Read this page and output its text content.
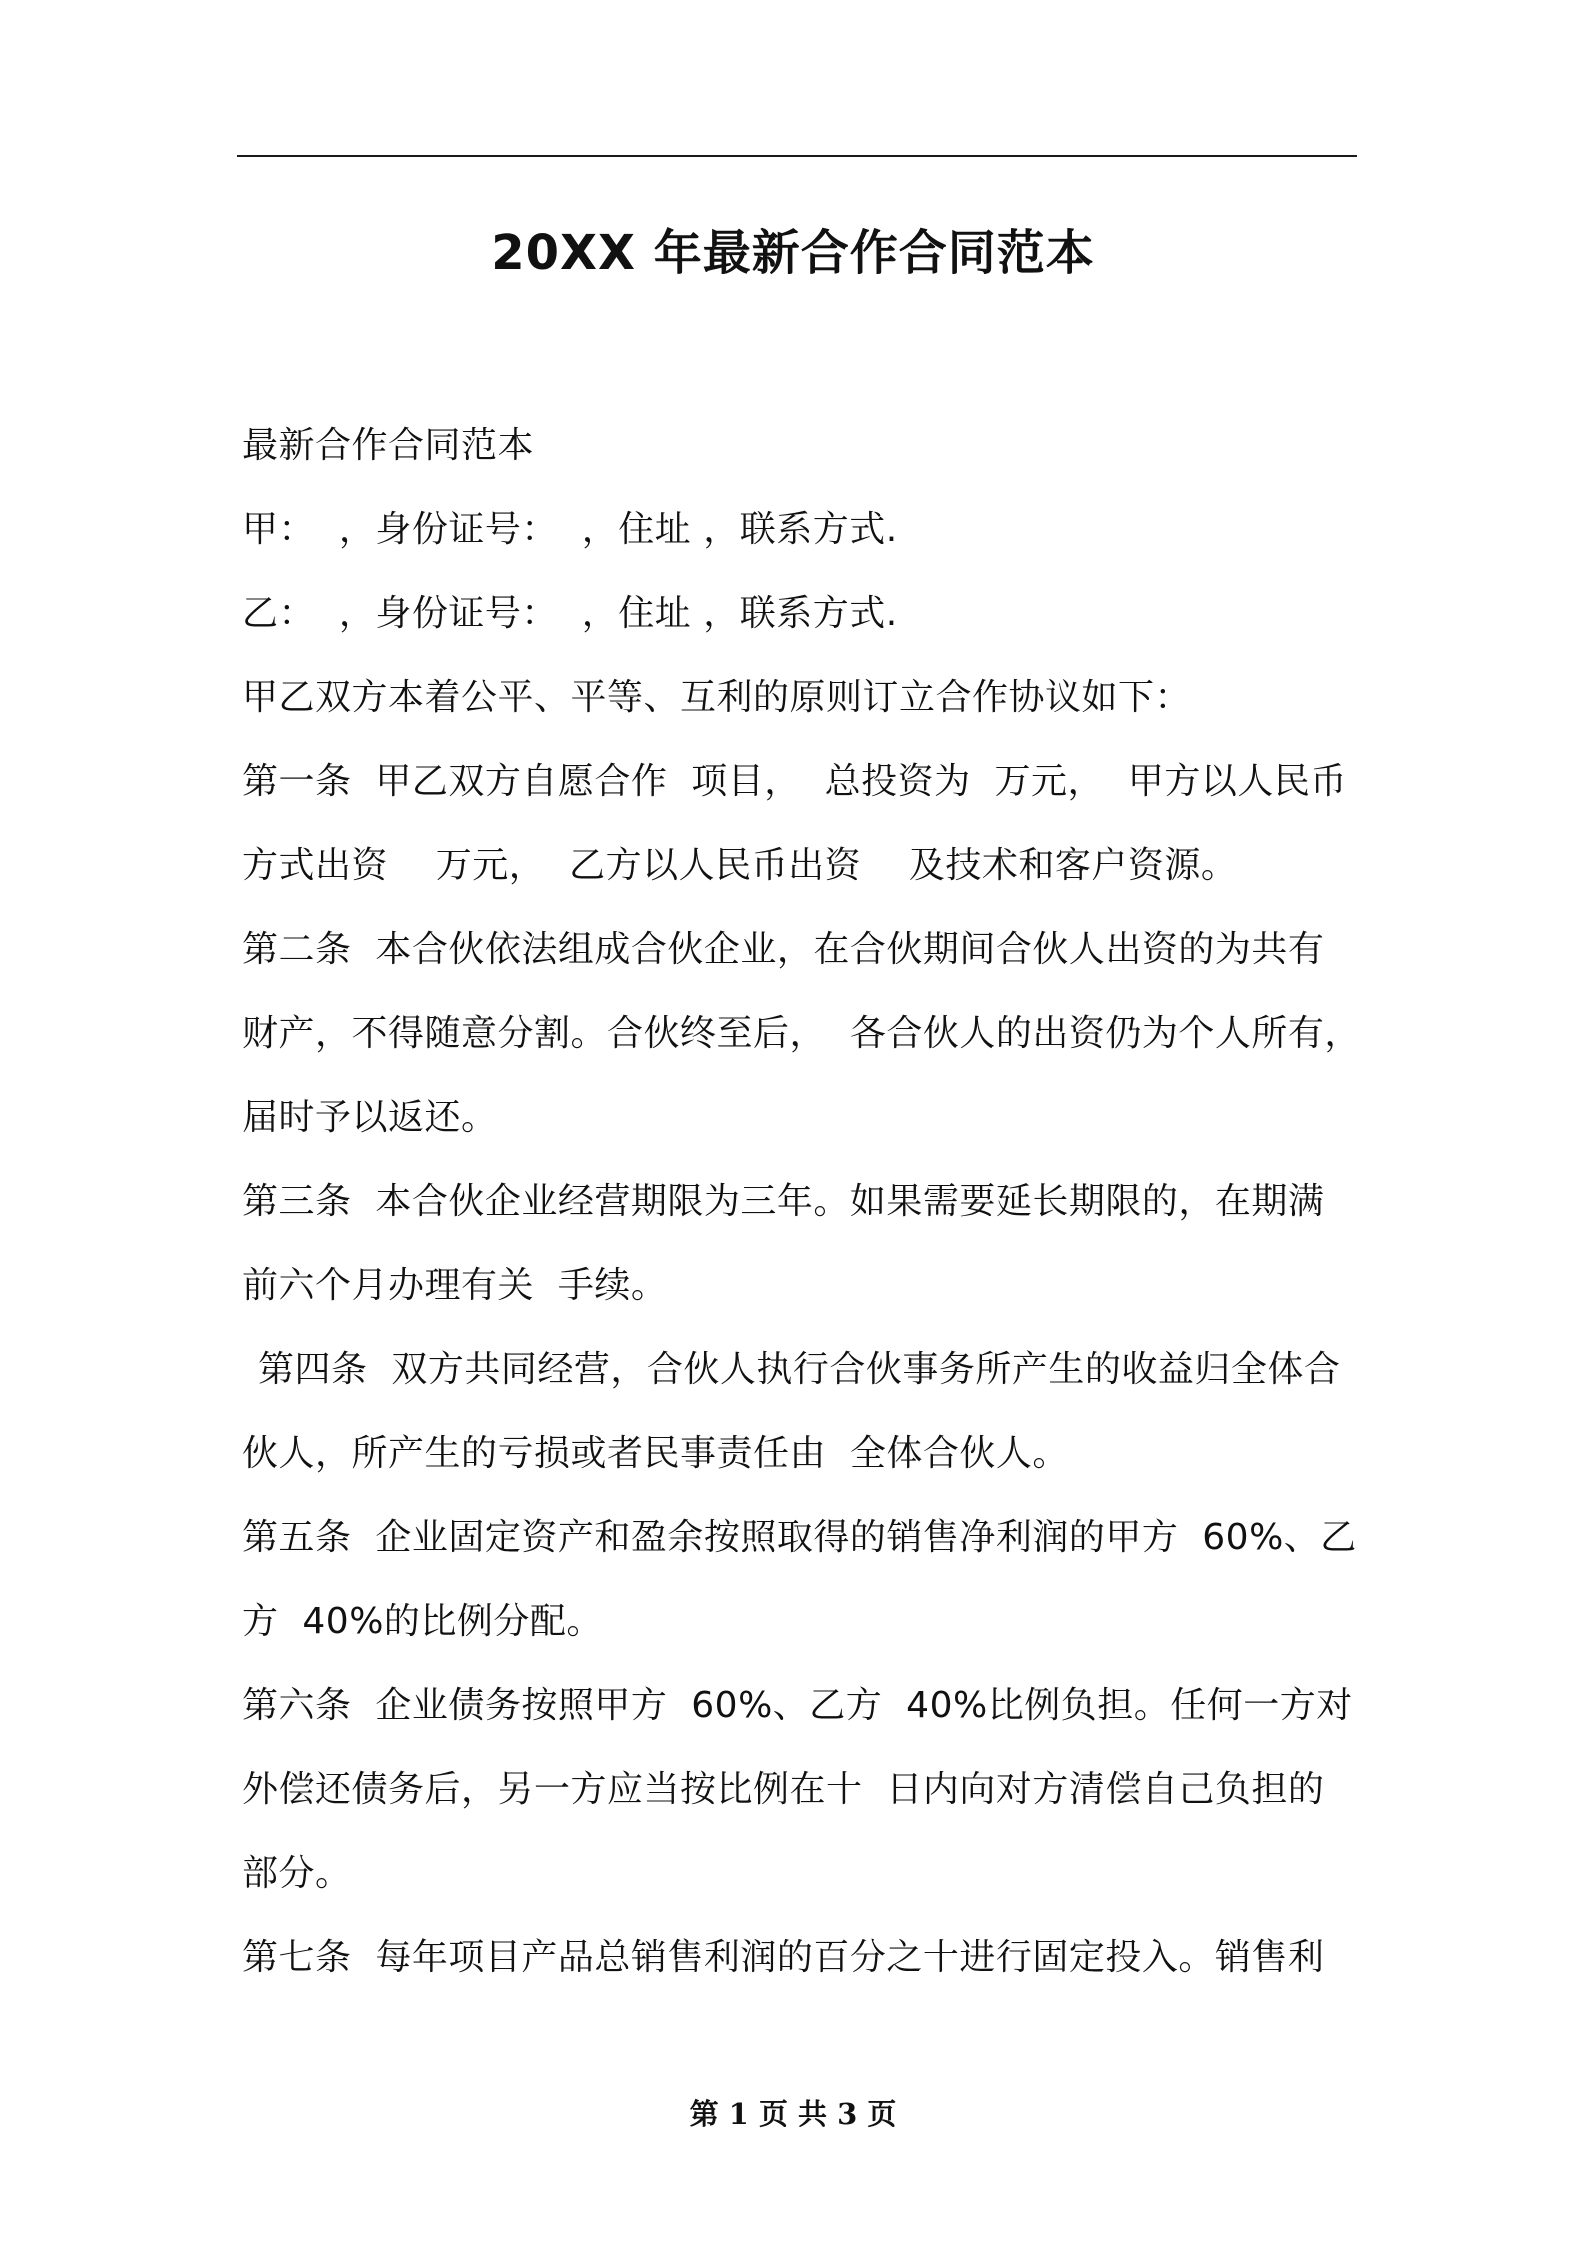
20XX 年最新合作合同范本
最新合作合同范本
甲：  ，身份证号：  ，住址 ，联系方式.
乙：  ，身份证号：  ，住址 ，联系方式.
甲乙双方本着公平、平等、互利的原则订立合作协议如下：
第一条  甲乙双方自愿合作  项目，  总投资为  万元，  甲方以人民币
方式出资    万元，  乙方以人民币出资    及技术和客户资源。
第二条  本合伙依法组成合伙企业，在合伙期间合伙人出资的为共有
财产，不得随意分割。合伙终至后，  各合伙人的出资仍为个人所有，
届时予以返还。
第三条  本合伙企业经营期限为三年。如果需要延长期限的，在期满
前六个月办理有关  手续。
第四条  双方共同经营，合伙人执行合伙事务所产生的收益归全体合
伙人，所产生的亏损或者民事责任由  全体合伙人。
第五条  企业固定资产和盈余按照取得的销售净利润的甲方  60%、乙
方  40%的比例分配。
第六条  企业债务按照甲方  60%、乙方  40%比例负担。任何一方对
外偿还债务后，另一方应当按比例在十  日内向对方清偿自己负担的
部分。
第七条  每年项目产品总销售利润的百分之十进行固定投入。销售利
第 1 页 共 3 页
